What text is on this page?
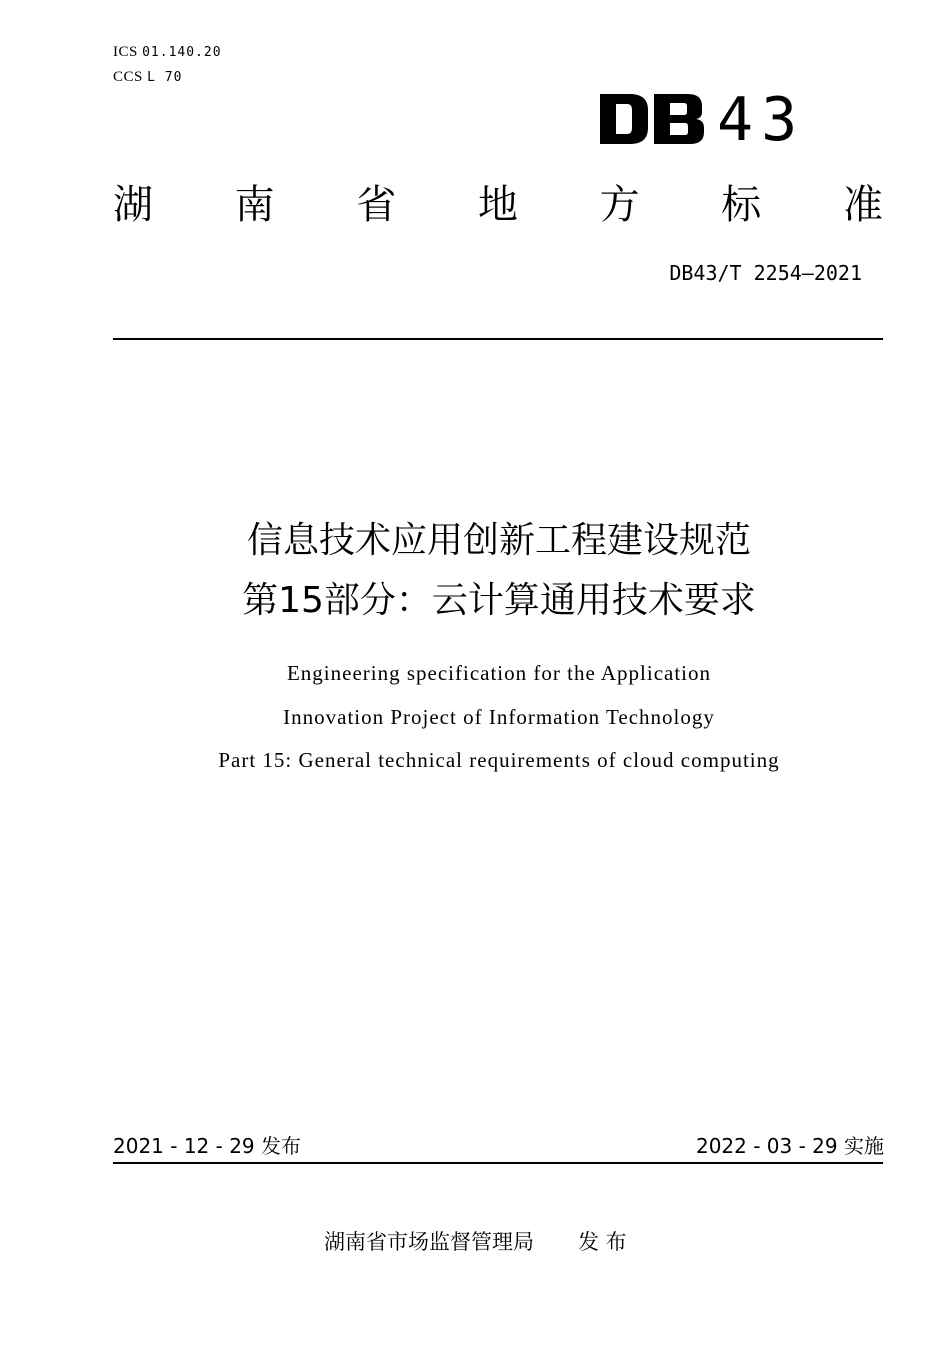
ICS 01.140.20
CCS L 70
43
湖 南 省 地 方 标 准
DB43/T 2254—2021
信息技术应用创新工程建设规范
第15部分：云计算通用技术要求
Engineering specification for the Application
Innovation Project of Information Technology
Part 15: General technical requirements of cloud computing
2021 - 12 - 29 发布	2022 - 03 - 29 实施
湖南省市场监督管理局 发 布
